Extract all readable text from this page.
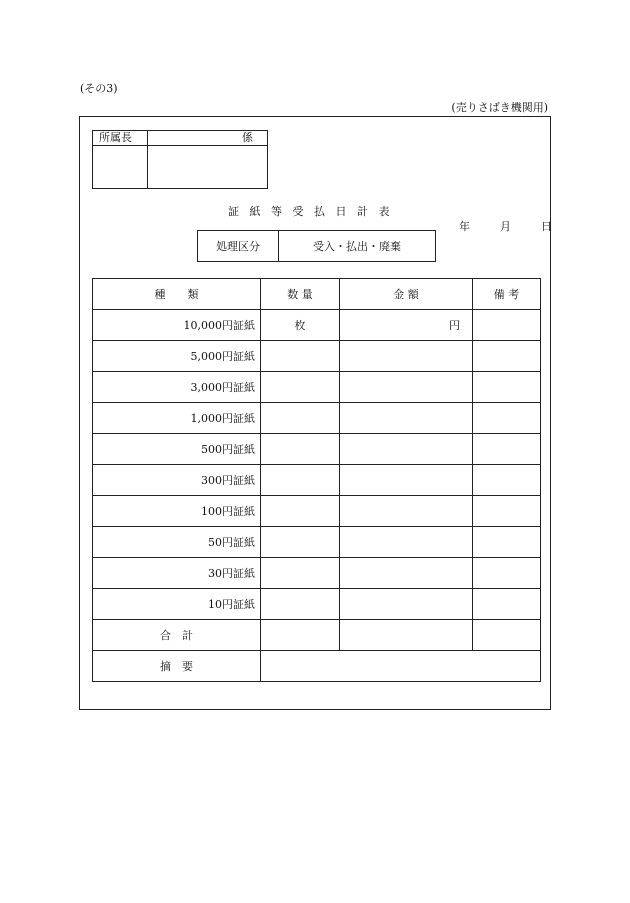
(その3)
(売りさばき機関用)
所属長	係

証紙等受払日計表
年	月	日
処理区分	受入・払出・廃棄
種　　類	数 量	金 額	備 考
10,000円証紙	枚	円	
5,000円証紙			
3,000円証紙			
1,000円証紙			
500円証紙			
300円証紙			
100円証紙			
50円証紙			
30円証紙			
10円証紙			
合　計			
摘　要			
